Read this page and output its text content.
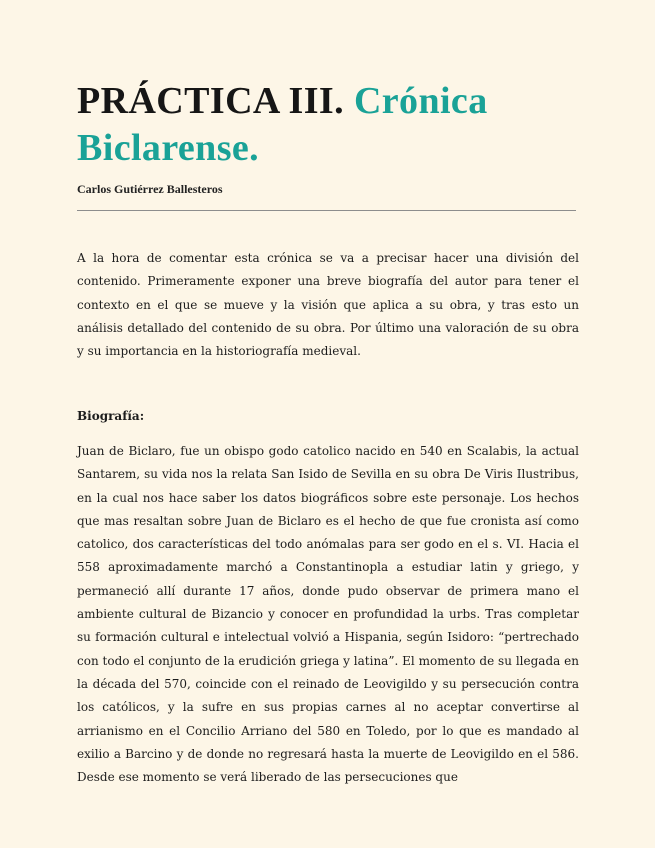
PRÁCTICA III. Crónica Biclarense.
Carlos Gutiérrez Ballesteros

A la hora de comentar esta crónica se va a precisar hacer una división del contenido. Primeramente exponer una breve biografía del autor para tener el contexto en el que se mueve y la visión que aplica a su obra, y tras esto un análisis detallado del contenido de su obra. Por último una valoración de su obra y su importancia en la historiografía medieval.

Biografía:

Juan de Biclaro, fue un obispo godo catolico nacido en 540 en Scalabis, la actual Santarem, su vida nos la relata San Isido de Sevilla en su obra De Viris Ilustribus, en la cual nos hace saber los datos biográficos sobre este personaje. Los hechos que mas resaltan sobre Juan de Biclaro es el hecho de que fue cronista así como catolico, dos características del todo anómalas para ser godo en el s. VI. Hacia el 558 aproximadamente marchó a Constantinopla a estudiar latin y griego, y permaneció allí durante 17 años, donde pudo observar de primera mano el ambiente cultural de Bizancio y conocer en profundidad la urbs. Tras completar su formación cultural e intelectual volvió a Hispania, según Isidoro: “pertrechado con todo el conjunto de la erudición griega y latina”. El momento de su llegada en la década del 570, coincide con el reinado de Leovigildo y su persecución contra los católicos, y la sufre en sus propias carnes al no aceptar convertirse al arrianismo en el Concilio Arriano del 580 en Toledo, por lo que es mandado al exilio a Barcino y de donde no regresará hasta la muerte de Leovigildo en el 586. Desde ese momento se verá liberado de las persecuciones que
